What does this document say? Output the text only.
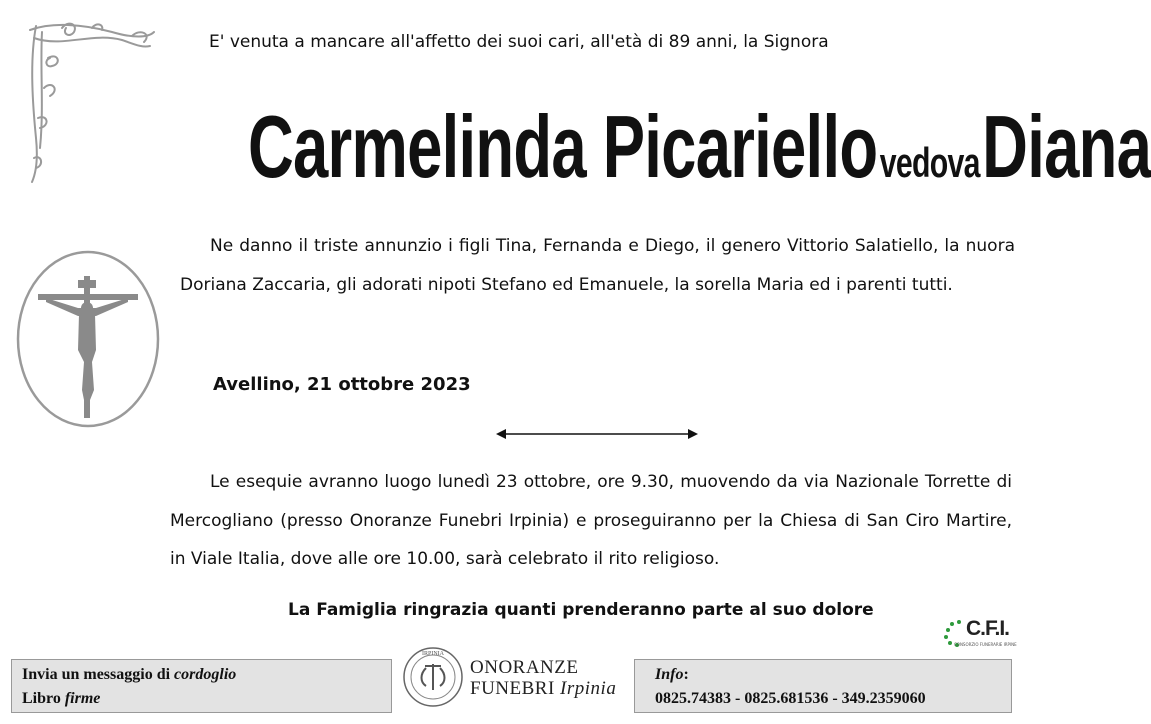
E' venuta a mancare all'affetto dei suoi cari, all'età di 89 anni, la Signora
Carmelinda Picariello vedova Diana
Ne danno il triste annunzio i figli Tina, Fernanda e Diego, il genero Vittorio Salatiello, la nuora Doriana Zaccaria, gli adorati nipoti Stefano ed Emanuele, la sorella Maria ed i parenti tutti.
Avellino, 21 ottobre 2023
Le esequie avranno luogo lunedì 23 ottobre, ore 9.30, muovendo da via Nazionale Torrette di Mercogliano (presso Onoranze Funebri Irpinia) e proseguiranno per la Chiesa di San Ciro Martire, in Viale Italia, dove alle ore 10.00, sarà celebrato il rito religioso.
La Famiglia ringrazia quanti prenderanno parte al suo dolore
C.F.I.
CONSORZIO FUNERARIE IRPINE
Invia un messaggio di cordoglio
Libro firme
IRPINIA
ONORANZE
FUNEBRI Irpinia
Info:
0825.74383 - 0825.681536 - 349.2359060
